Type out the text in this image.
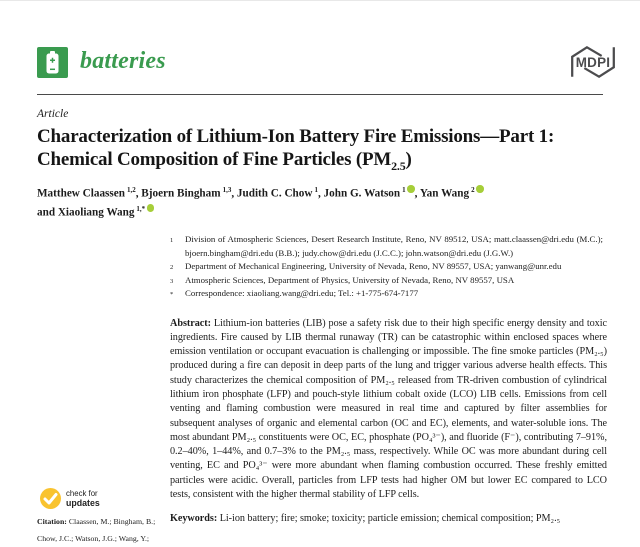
batteries	MDPI
Article
Characterization of Lithium-Ion Battery Fire Emissions—Part 1:
Chemical Composition of Fine Particles $(PM_{2.5})$
Matthew Claassen $^{1,2}$, Bjoern Bingham $^{1,3}$, Judith C. Chow $^1$, John G. Watson $^1$ , Yan Wang $^2$
and Xiaoliang Wang $^{1,*}$
$^1$	Division of Atmospheric Sciences, Desert Research Institute, Reno, NV 89512, USA; matt.claassen@dri.edu (M.C.); bjoern.bingham@dri.edu (B.B.); judy.chow@dri.edu (J.C.C.); john.watson@dri.edu (J.G.W.)
$^2$	Department of Mechanical Engineering, University of Nevada, Reno, NV 89557, USA; yanwang@unr.edu
$^3$	Atmospheric Sciences, Department of Physics, University of Nevada, Reno, NV 89557, USA
*	Correspondence: xiaoliang.wang@dri.edu; Tel.: +1-775-674-7177

Abstract: Lithium-ion batteries (LIB) pose a safety risk due to their high specific energy density and toxic ingredients. Fire caused by LIB thermal runaway (TR) can be catastrophic within enclosed spaces where emission ventilation or occupant evacuation is challenging or impossible. The fine smoke particles (PM₂.₅) produced during a fire can deposit in deep parts of the lung and trigger various adverse health effects. This study characterizes the chemical composition of PM₂.₅ released from TR-driven combustion of cylindrical lithium iron phosphate (LFP) and pouch-style lithium cobalt oxide (LCO) LIB cells. Emissions from cell venting and flaming combustion were measured in real time and captured by filter assemblies for subsequent analyses of organic and elemental carbon (OC and EC), elements, and water-soluble ions. The most abundant PM₂.₅ constituents were OC, EC, phosphate (PO₄³⁻), and fluoride (F⁻), contributing 7–91%, 0.2–40%, 1–44%, and 0.7–3% to the PM₂.₅ mass, respectively. While OC was more abundant during cell venting, EC and PO₄³⁻ were more abundant when flaming combustion occurred. These freshly emitted particles were acidic. Overall, particles from LFP tests had higher OM but lower EC compared to LCO tests, consistent with the higher thermal stability of LFP cells.

Keywords: Li-ion battery; fire; smoke; toxicity; particle emission; chemical composition; PM₂.₅

check for
updates
Citation: Claassen, M.; Bingham, B.; Chow, J.C.; Watson, J.G.; Wang, Y.;
